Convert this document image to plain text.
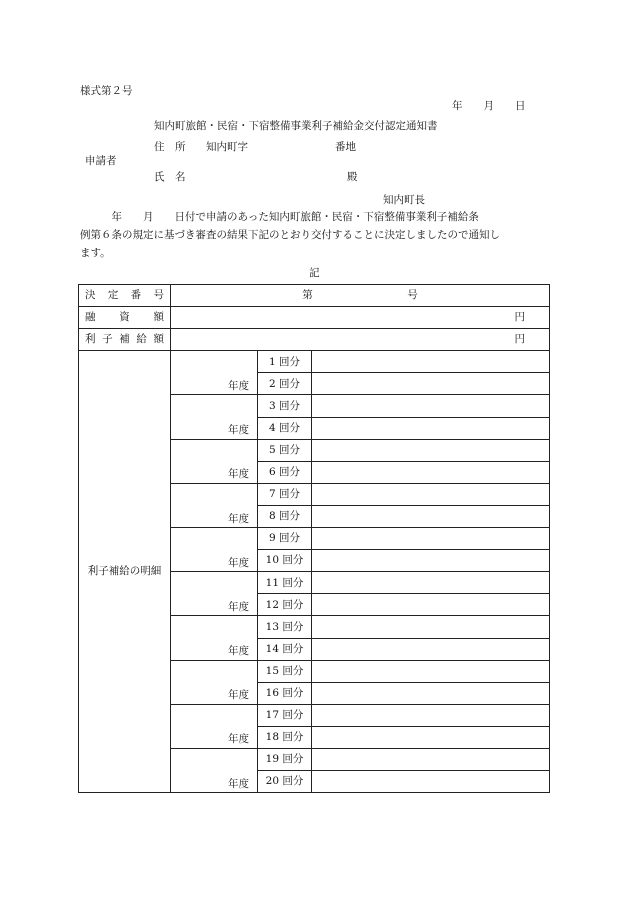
様式第２号
年　　月　　日
知内町旅館・民宿・下宿整備事業利子補給金交付認定通知書
住　所 知内町字	番地
申請者
氏　名	殿
知内町長
　　　年　　月　　日付で申請のあった知内町旅館・民宿・下宿整備事業利子補給条
例第６条の規定に基づき審査の結果下記のとおり交付することに決定しましたので通知し
ます。
記
決　定　番　号	第　　　　　　　　　号		
融　資　額	円		
利子補給額	円		
利子補給の明細	年度	1 回分	
		2 回分	
	年度	3 回分	
		4 回分	
	年度	5 回分	
		6 回分	
	年度	7 回分	
		8 回分	
	年度	9 回分	
		10 回分	
	年度	11 回分	
		12 回分	
	年度	13 回分	
		14 回分	
	年度	15 回分	
		16 回分	
	年度	17 回分	
		18 回分	
	年度	19 回分	
		20 回分	
